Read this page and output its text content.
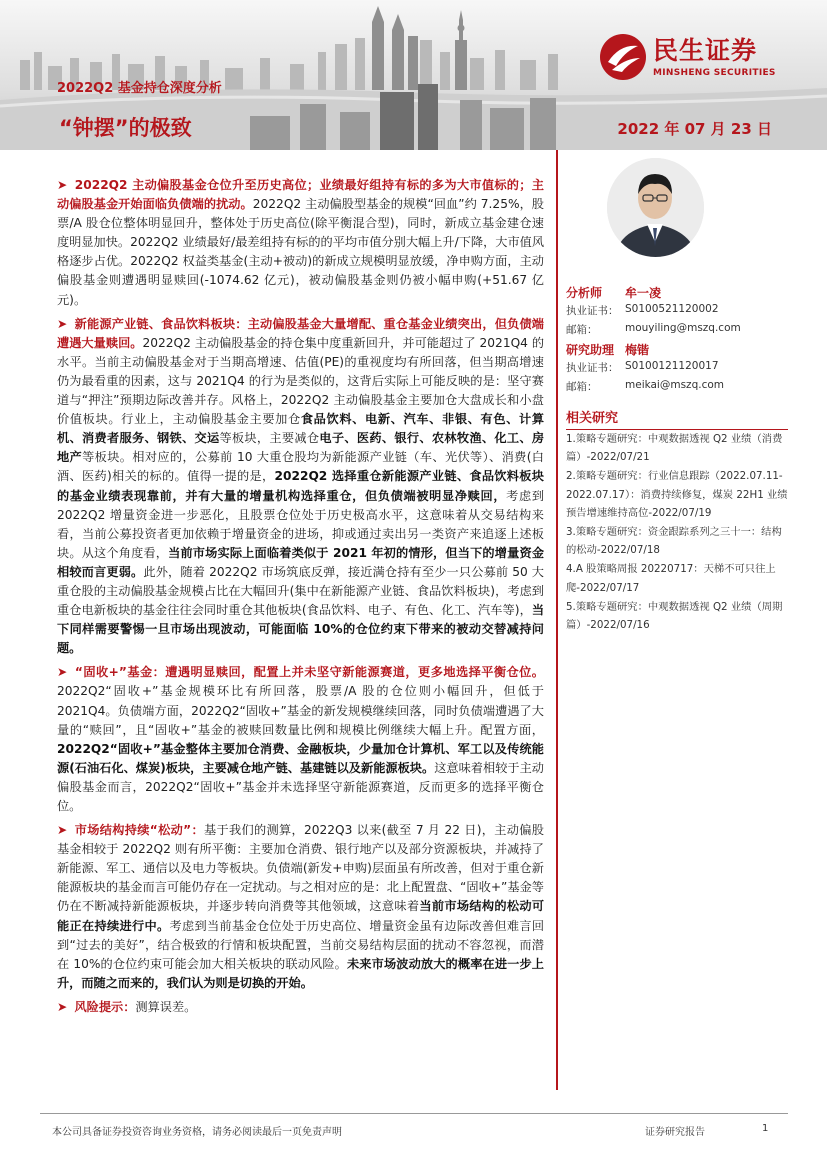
民生证券
MINSHENG SECURITIES
2022Q2 基金持仓深度分析
“钟摆”的极致	2022 年 07 月 23 日
➤ 2022Q2 主动偏股基金仓位升至历史高位；业绩最好组持有标的多为大市值标的；主动偏股基金开始面临负债端的扰动。2022Q2 主动偏股型基金的规模“回血”约 7.25%，股票/A 股仓位整体明显回升，整体处于历史高位(除平衡混合型)，同时，新成立基金建仓速度明显加快。2022Q2 业绩最好/最差组持有标的的平均市值分别大幅上升/下降，大市值风格逐步占优。2022Q2 权益类基金(主动+被动)的新成立规模明显放缓，净申购方面，主动偏股基金则遭遇明显赎回(-1074.62 亿元)，被动偏股基金则仍被小幅申购(+51.67 亿元)。
➤ 新能源产业链、食品饮料板块：主动偏股基金大量增配、重仓基金业绩突出，但负债端遭遇大量赎回。2022Q2 主动偏股基金的持仓集中度重新回升，并可能超过了 2021Q4 的水平。当前主动偏股基金对于当期高增速、估值(PE)的重视度均有所回落，但当期高增速仍为最看重的因素，这与 2021Q4 的行为是类似的，这背后实际上可能反映的是：坚守赛道与“押注”预期边际改善并存。风格上，2022Q2 主动偏股基金主要加仓大盘成长和小盘价值板块。行业上，主动偏股基金主要加仓食品饮料、电新、汽车、非银、有色、计算机、消费者服务、钢铁、交运等板块，主要减仓电子、医药、银行、农林牧渔、化工、房地产等板块。相对应的，公募前 10 大重仓股均为新能源产业链（车、光伏等）、消费(白酒、医药)相关的标的。值得一提的是，2022Q2 选择重仓新能源产业链、食品饮料板块的基金业绩表现靠前，并有大量的增量机构选择重仓，但负债端被明显净赎回，考虑到 2022Q2 增量资金进一步恶化，且股票仓位处于历史极高水平，这意味着从交易结构来看，当前公募投资者更加依赖于增量资金的进场，抑或通过卖出另一类资产来追逐上述板块。从这个角度看，当前市场实际上面临着类似于 2021 年初的情形，但当下的增量资金相较而言更弱。此外，随着 2022Q2 市场筑底反弹，接近满仓持有至少一只公募前 50 大重仓股的主动偏股基金规模占比在大幅回升(集中在新能源产业链、食品饮料板块)，考虑到重仓电新板块的基金往往会同时重仓其他板块(食品饮料、电子、有色、化工、汽车等)，当下同样需要警惕一旦市场出现波动，可能面临 10%的仓位约束下带来的被动交替减持问题。
➤ “固收+”基金：遭遇明显赎回，配置上并未坚守新能源赛道，更多地选择平衡仓位。2022Q2“固收+”基金规模环比有所回落，股票/A 股的仓位则小幅回升，但低于 2021Q4。负债端方面，2022Q2“固收+”基金的新发规模继续回落，同时负债端遭遇了大量的“赎回”，且“固收+”基金的被赎回数量比例和规模比例继续大幅上升。配置方面，2022Q2“固收+”基金整体主要加仓消费、金融板块，少量加仓计算机、军工以及传统能源(石油石化、煤炭)板块，主要减仓地产链、基建链以及新能源板块。这意味着相较于主动偏股基金而言，2022Q2“固收+”基金并未选择坚守新能源赛道，反而更多的选择平衡仓位。
➤ 市场结构持续“松动”：基于我们的测算，2022Q3 以来(截至 7 月 22 日)，主动偏股基金相较于 2022Q2 则有所平衡：主要加仓消费、银行地产以及部分资源板块，并减持了新能源、军工、通信以及电力等板块。负债端(新发+申购)层面虽有所改善，但对于重仓新能源板块的基金而言可能仍存在一定扰动。与之相对应的是：北上配置盘、“固收+”基金等仍在不断减持新能源板块，并逐步转向消费等其他领域，这意味着当前市场结构的松动可能正在持续进行中。考虑到当前基金仓位处于历史高位、增量资金虽有边际改善但难言回到“过去的美好”，结合极致的行情和板块配置，当前交易结构层面的扰动不容忽视，而潜在 10%的仓位约束可能会加大相关板块的联动风险。未来市场波动放大的概率在进一步上升，而随之而来的，我们认为则是切换的开始。
➤ 风险提示：测算误差。
分析师 牟一凌
执业证书： S0100521120002
邮箱：	mouyiling@mszq.com
研究助理 梅锴
执业证书： S0100121120017
邮箱：	meikai@mszq.com
相关研究
1.策略专题研究：中观数据透视 Q2 业绩（消费篇）-2022/07/21
2.策略专题研究：行业信息跟踪（2022.07.11-2022.07.17）：消费持续修复，煤炭 22H1 业绩预告增速维持高位-2022/07/19
3.策略专题研究：资金跟踪系列之三十一：结构的松动-2022/07/18
4.A 股策略周报 20220717：天梯不可只往上爬-2022/07/17
5.策略专题研究：中观数据透视 Q2 业绩（周期篇）-2022/07/16
本公司具备证券投资咨询业务资格，请务必阅读最后一页免责声明	证券研究报告	1
